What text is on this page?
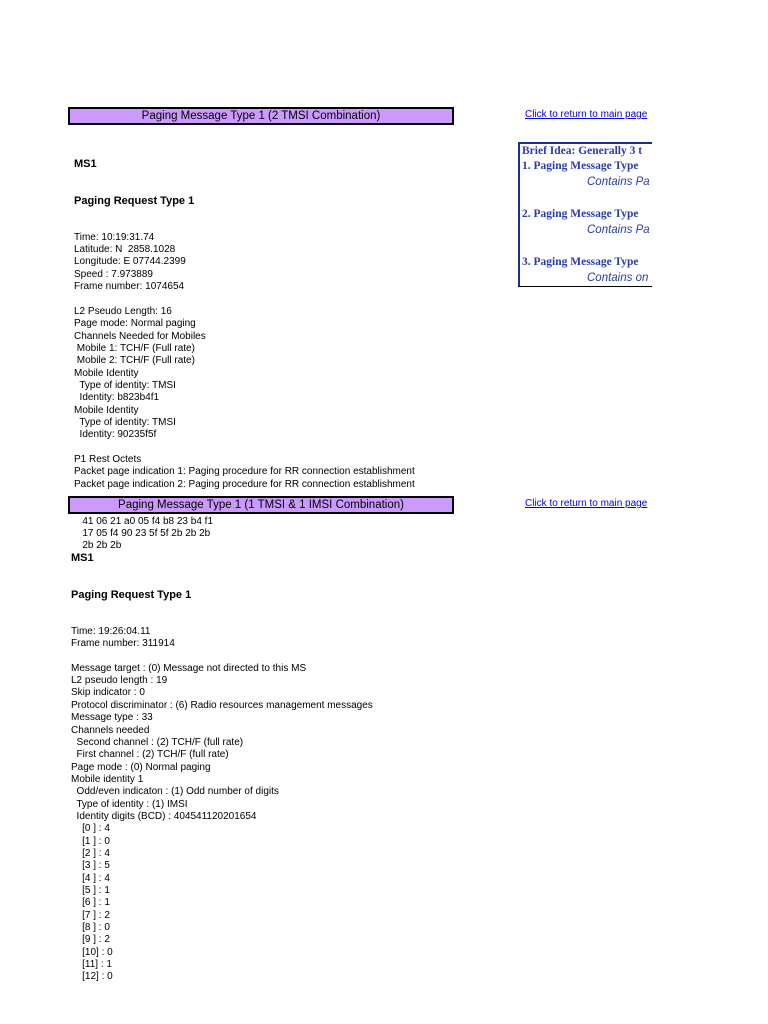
Paging Message Type 1 (2 TMSI Combination)	Click to return to main page

MS1

Paging Request Type 1

Time: 10:19:31.74
Latitude: N  2858.1028
Longitude: E 07744.2399
Speed : 7.973889
Frame number: 1074654
L2 Pseudo Length: 16
Page mode: Normal paging
Channels Needed for Mobiles
Mobile 1: TCH/F (Full rate)
Mobile 2: TCH/F (Full rate)
Mobile Identity
Type of identity: TMSI
Identity: b823b4f1
Mobile Identity
Type of identity: TMSI
Identity: 90235f5f
P1 Rest Octets
Packet page indication 1: Paging procedure for RR connection establishment
Packet page indication 2: Paging procedure for RR connection establishment
41 06 21 a0 05 f4 b8 23 b4 f1
17 05 f4 90 23 5f 5f 2b 2b 2b
2b 2b 2b

Paging Message Type 1 (1 TMSI & 1 IMSI Combination)	Click to return to main page

MS1

Paging Request Type 1

Time: 19:26:04.11
Frame number: 311914
Message target : (0) Message not directed to this MS
L2 pseudo length : 19
Skip indicator : 0
Protocol discriminator : (6) Radio resources management messages
Message type : 33
Channels needed
Second channel : (2) TCH/F (full rate)
First channel : (2) TCH/F (full rate)
Page mode : (0) Normal paging
Mobile identity 1
Odd/even indicaton : (1) Odd number of digits
Type of identity : (1) IMSI
Identity digits (BCD) : 404541120201654
[0 ] : 4
[1 ] : 0
[2 ] : 4
[3 ] : 5
[4 ] : 4
[5 ] : 1
[6 ] : 1
[7 ] : 2
[8 ] : 0
[9 ] : 2
[10] : 0
[11] : 1
[12] : 0

Brief Idea: Generally 3 t
1. Paging Message Type
Contains Pa
2. Paging Message Type
Contains Pa
3. Paging Message Type
Contains on
